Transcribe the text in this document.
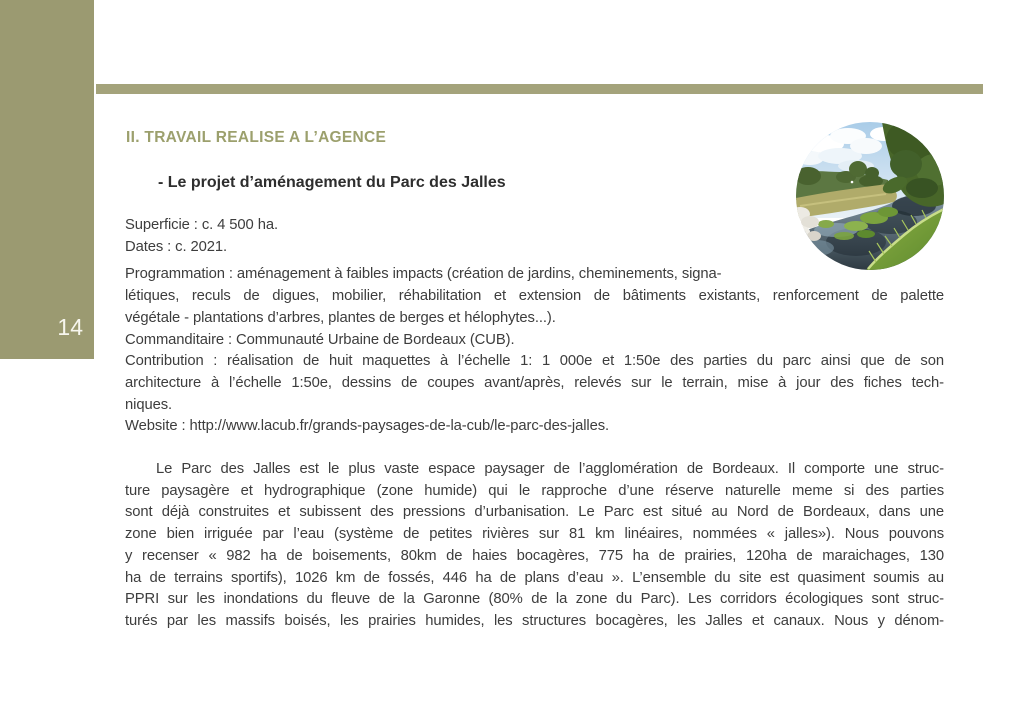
14
II. TRAVAIL REALISE A L’AGENCE
- Le projet d’aménagement du Parc des Jalles
Superficie : c. 4 500 ha.
Dates : c. 2021.
Programmation : aménagement à faibles impacts (création de jardins, cheminements, signa-
létiques, reculs de digues, mobilier, réhabilitation et extension de bâtiments existants, renforcement de palette
végétale - plantations d’arbres, plantes de berges et hélophytes...).
Commanditaire : Communauté Urbaine de Bordeaux (CUB).
Contribution : réalisation de huit maquettes à l’échelle 1: 1 000e et 1:50e des parties du parc ainsi que de son
architecture à l’échelle 1:50e, dessins de coupes avant/après, relevés sur le terrain, mise à jour des fiches tech-
niques.
Website : http://www.lacub.fr/grands-paysages-de-la-cub/le-parc-des-jalles.
Le Parc des Jalles est le plus vaste espace paysager de l’agglomération de Bordeaux. Il comporte une struc-
ture paysagère et hydrographique (zone humide) qui le rapproche d’une réserve naturelle meme si des parties
sont déjà construites et subissent des pressions d’urbanisation. Le Parc est situé au Nord de Bordeaux, dans une
zone bien irriguée par l’eau (système de petites rivières sur 81 km linéaires, nommées « jalles»). Nous pouvons
y recenser « 982 ha de boisements, 80km de haies bocagères, 775 ha de prairies, 120ha de maraichages, 130
ha de terrains sportifs), 1026 km de fossés, 446 ha de plans d’eau ». L’ensemble du site est quasiment soumis au
PPRI sur les inondations du fleuve de la Garonne (80% de la zone du Parc). Les corridors écologiques sont struc-
turés par les massifs boisés, les prairies humides, les structures bocagères, les Jalles et canaux. Nous y dénom-
